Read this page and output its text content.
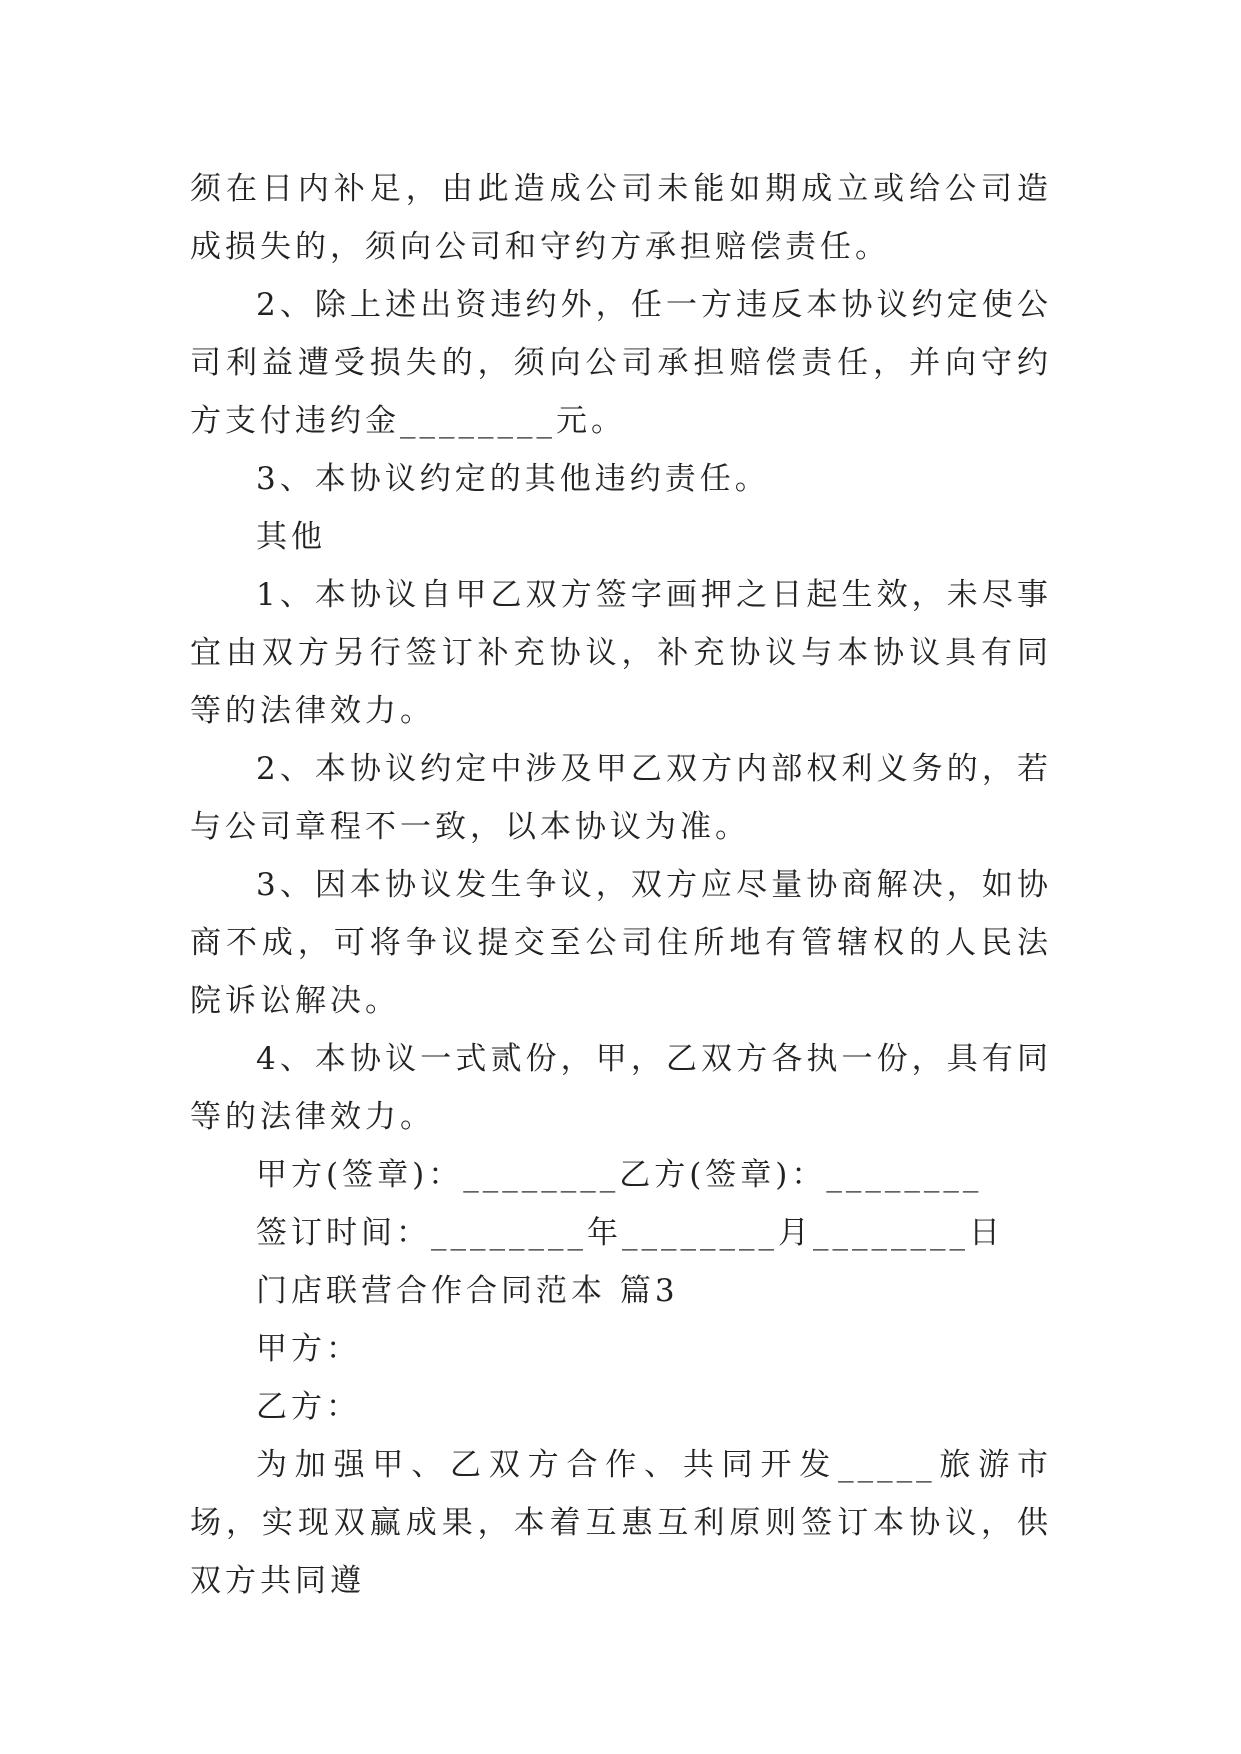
须在日内补足，由此造成公司未能如期成立或给公司造成损失的，须向公司和守约方承担赔偿责任。

2、除上述出资违约外，任一方违反本协议约定使公司利益遭受损失的，须向公司承担赔偿责任，并向守约方支付违约金________元。

3、本协议约定的其他违约责任。

其他

1、本协议自甲乙双方签字画押之日起生效，未尽事宜由双方另行签订补充协议，补充协议与本协议具有同等的法律效力。

2、本协议约定中涉及甲乙双方内部权利义务的，若与公司章程不一致，以本协议为准。

3、因本协议发生争议，双方应尽量协商解决，如协商不成，可将争议提交至公司住所地有管辖权的人民法院诉讼解决。

4、本协议一式贰份，甲，乙双方各执一份，具有同等的法律效力。

甲方(签章)：________乙方(签章)：________

签订时间：________年________月________日

门店联营合作合同范本 篇3

甲方：

乙方：

为加强甲、乙双方合作、共同开发_____旅游市场，实现双赢成果，本着互惠互利原则签订本协议，供双方共同遵
